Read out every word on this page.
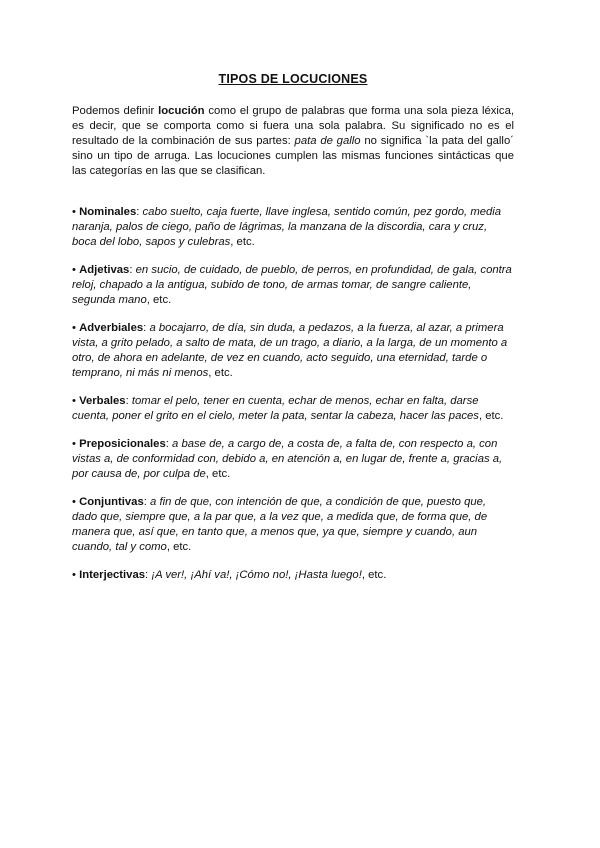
TIPOS DE LOCUCIONES

Podemos definir locución como el grupo de palabras que forma una sola pieza léxica, es decir, que se comporta como si fuera una sola palabra. Su significado no es el resultado de la combinación de sus partes: pata de gallo no significa `la pata del gallo´ sino un tipo de arruga. Las locuciones cumplen las mismas funciones sintácticas que las categorías en las que se clasifican.

• Nominales: cabo suelto, caja fuerte, llave inglesa, sentido común, pez gordo, media naranja, palos de ciego, paño de lágrimas, la manzana de la discordia, cara y cruz, boca del lobo, sapos y culebras, etc.

• Adjetivas: en sucio, de cuidado, de pueblo, de perros, en profundidad, de gala, contra reloj, chapado a la antigua, subido de tono, de armas tomar, de sangre caliente, segunda mano, etc.

• Adverbiales: a bocajarro, de día, sin duda, a pedazos, a la fuerza, al azar, a primera vista, a grito pelado, a salto de mata, de un trago, a diario, a la larga, de un momento a otro, de ahora en adelante, de vez en cuando, acto seguido, una eternidad, tarde o temprano, ni más ni menos, etc.

• Verbales: tomar el pelo, tener en cuenta, echar de menos, echar en falta, darse cuenta, poner el grito en el cielo, meter la pata, sentar la cabeza, hacer las paces, etc.

• Preposicionales: a base de, a cargo de, a costa de, a falta de, con respecto a, con vistas a, de conformidad con, debido a, en atención a, en lugar de, frente a, gracias a, por causa de, por culpa de, etc.

• Conjuntivas: a fin de que, con intención de que, a condición de que, puesto que, dado que, siempre que, a la par que, a la vez que, a medida que, de forma que, de manera que, así que, en tanto que, a menos que, ya que, siempre y cuando, aun cuando, tal y como, etc.

• Interjectivas: ¡A ver!, ¡Ahí va!, ¡Cómo no!, ¡Hasta luego!, etc.
